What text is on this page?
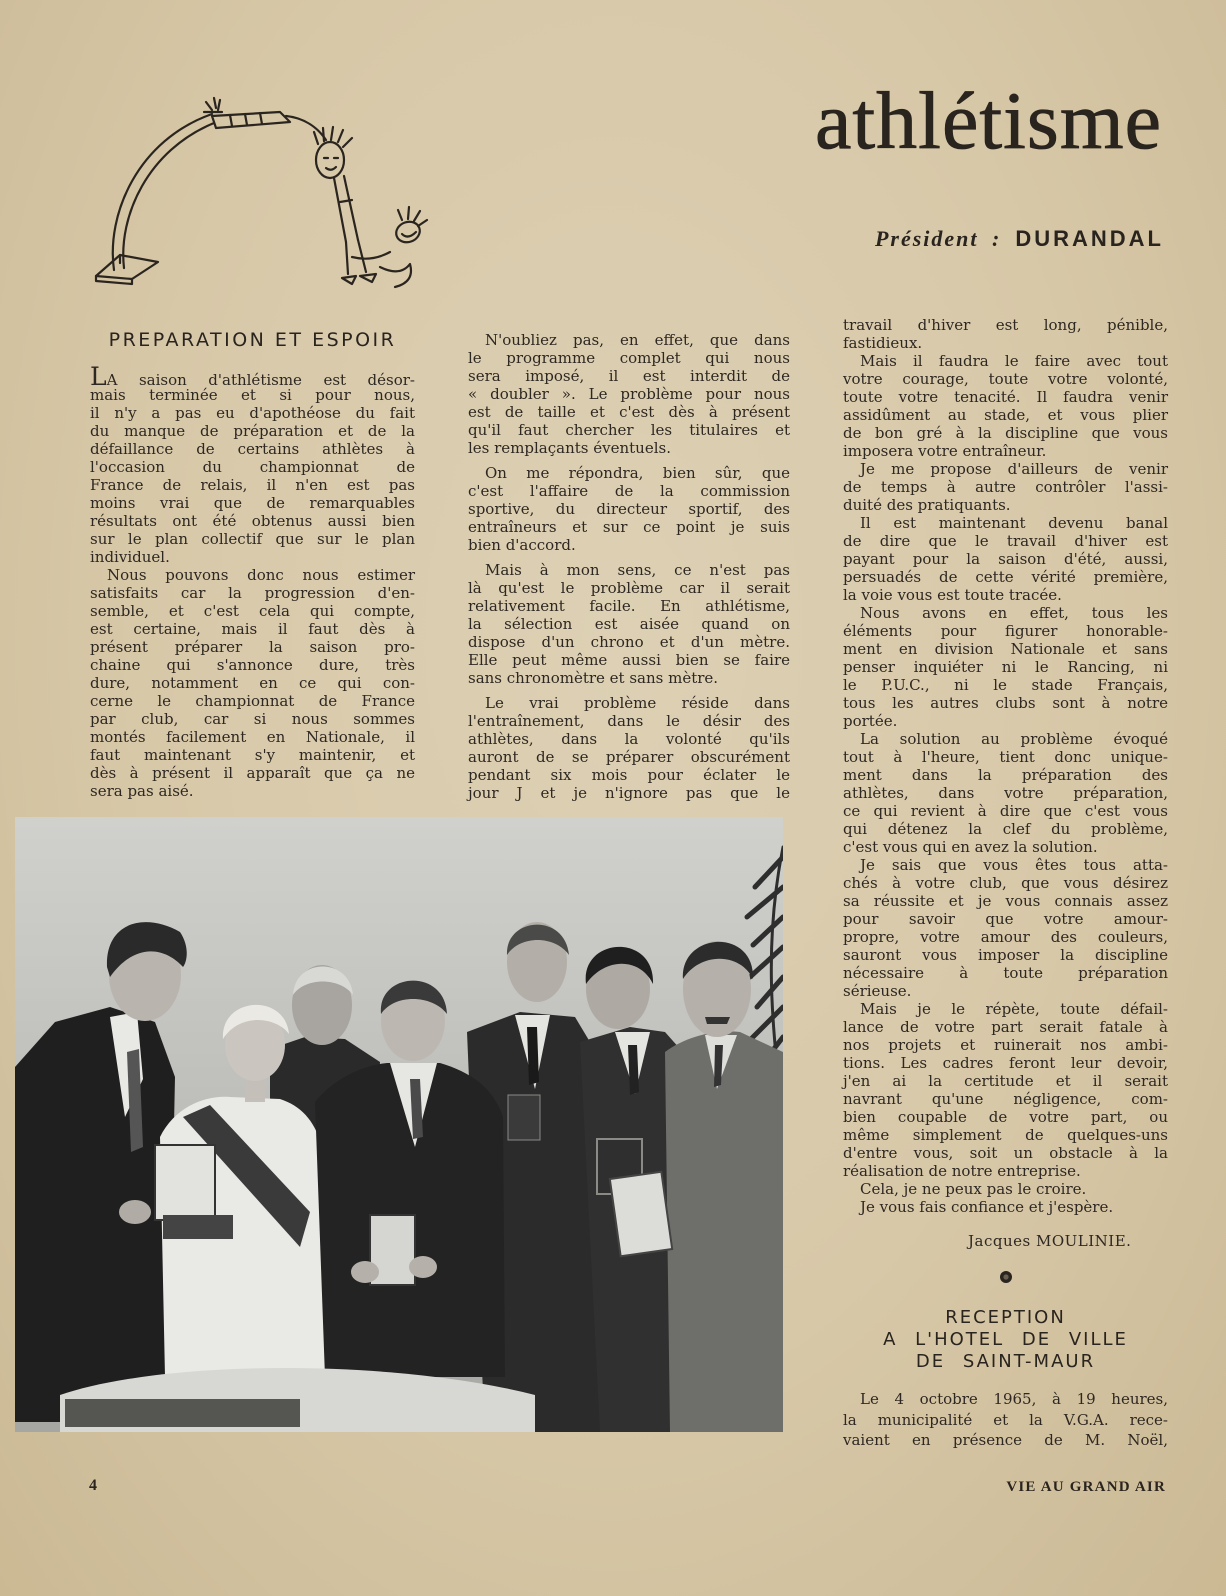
athlétisme
Président : DURANDAL
PREPARATION ET ESPOIR
LA saison d'athlétisme est désor-
mais terminée et si pour nous,
il n'y a pas eu d'apothéose du fait
du manque de préparation et de la
défaillance de certains athlètes à
l'occasion du championnat de
France de relais, il n'en est pas
moins vrai que de remarquables
résultats ont été obtenus aussi bien
sur le plan collectif que sur le plan
individuel.
Nous pouvons donc nous estimer
satisfaits car la progression d'en-
semble, et c'est cela qui compte,
est certaine, mais il faut dès à
présent préparer la saison pro-
chaine qui s'annonce dure, très
dure, notamment en ce qui con-
cerne le championnat de France
par club, car si nous sommes
montés facilement en Nationale, il
faut maintenant s'y maintenir, et
dès à présent il apparaît que ça ne
sera pas aisé.
N'oubliez pas, en effet, que dans
le programme complet qui nous
sera imposé, il est interdit de
« doubler ». Le problème pour nous
est de taille et c'est dès à présent
qu'il faut chercher les titulaires et
les remplaçants éventuels.
On me répondra, bien sûr, que
c'est l'affaire de la commission
sportive, du directeur sportif, des
entraîneurs et sur ce point je suis
bien d'accord.
Mais à mon sens, ce n'est pas
là qu'est le problème car il serait
relativement facile. En athlétisme,
la sélection est aisée quand on
dispose d'un chrono et d'un mètre.
Elle peut même aussi bien se faire
sans chronomètre et sans mètre.
Le vrai problème réside dans
l'entraînement, dans le désir des
athlètes, dans la volonté qu'ils
auront de se préparer obscurément
pendant six mois pour éclater le
jour J et je n'ignore pas que le
travail d'hiver est long, pénible,
fastidieux.
Mais il faudra le faire avec tout
votre courage, toute votre volonté,
toute votre tenacité. Il faudra venir
assidûment au stade, et vous plier
de bon gré à la discipline que vous
imposera votre entraîneur.
Je me propose d'ailleurs de venir
de temps à autre contrôler l'assi-
duité des pratiquants.
Il est maintenant devenu banal
de dire que le travail d'hiver est
payant pour la saison d'été, aussi,
persuadés de cette vérité première,
la voie vous est toute tracée.
Nous avons en effet, tous les
éléments pour figurer honorable-
ment en division Nationale et sans
penser inquiéter ni le Rancing, ni
le P.U.C., ni le stade Français,
tous les autres clubs sont à notre
portée.
La solution au problème évoqué
tout à l'heure, tient donc unique-
ment dans la préparation des
athlètes, dans votre préparation,
ce qui revient à dire que c'est vous
qui détenez la clef du problème,
c'est vous qui en avez la solution.
Je sais que vous êtes tous atta-
chés à votre club, que vous désirez
sa réussite et je vous connais assez
pour savoir que votre amour-
propre, votre amour des couleurs,
sauront vous imposer la discipline
nécessaire à toute préparation
sérieuse.
Mais je le répète, toute défail-
lance de votre part serait fatale à
nos projets et ruinerait nos ambi-
tions. Les cadres feront leur devoir,
j'en ai la certitude et il serait
navrant qu'une négligence, com-
bien coupable de votre part, ou
même simplement de quelques-uns
d'entre vous, soit un obstacle à la
réalisation de notre entreprise.
Cela, je ne peux pas le croire.
Je vous fais confiance et j'espère.
Jacques MOULINIE.
RECEPTION
A L'HOTEL DE VILLE
DE SAINT-MAUR
Le 4 octobre 1965, à 19 heures,
la municipalité et la V.G.A. rece-
vaient en présence de M. Noël,
4	VIE AU GRAND AIR
